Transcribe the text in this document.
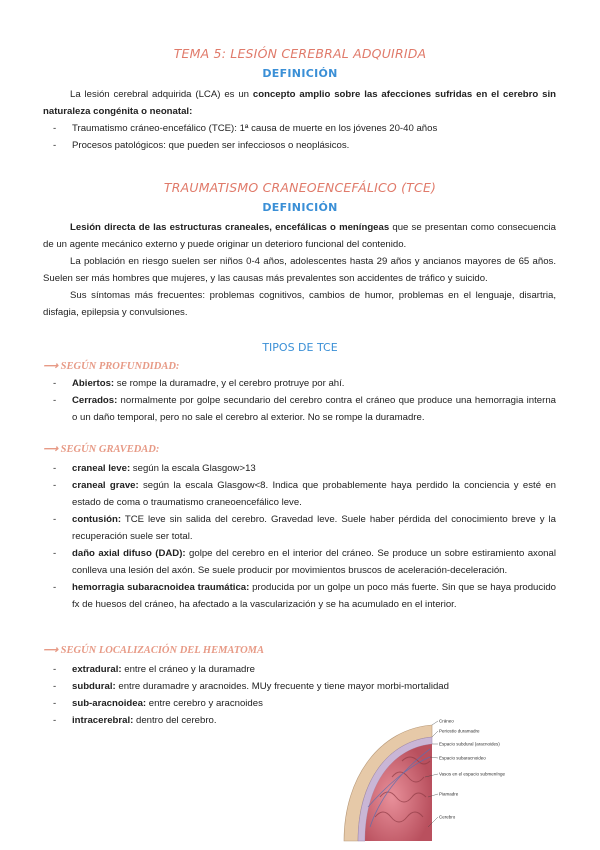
TEMA 5: LESIÓN CEREBRAL ADQUIRIDA
DEFINICIÓN

La lesión cerebral adquirida (LCA) es un concepto amplio sobre las afecciones sufridas en el cerebro sin naturaleza congénita o neonatal:

- Traumatismo cráneo-encefálico (TCE): 1ª causa de muerte en los jóvenes 20-40 años
- Procesos patológicos: que pueden ser infecciosos o neoplásicos.
TRAUMATISMO CRANEOENCEFÁLICO (TCE)
DEFINICIÓN

Lesión directa de las estructuras craneales, encefálicas o meníngeas que se presentan como consecuencia de un agente mecánico externo y puede originar un deterioro funcional del contenido.

La población en riesgo suelen ser niños 0-4 años, adolescentes hasta 29 años y ancianos mayores de 65 años. Suelen ser más hombres que mujeres, y las causas más prevalentes son accidentes de tráfico y suicido.

Sus síntomas más frecuentes: problemas cognitivos, cambios de humor, problemas en el lenguaje, disartria, disfagia, epilepsia y convulsiones.

TIPOS DE TCE
⟶ SEGÚN PROFUNDIDAD:
- Abiertos: se rompe la duramadre, y el cerebro protruye por ahí.
- Cerrados: normalmente por golpe secundario del cerebro contra el cráneo que produce una hemorragia interna o un daño temporal, pero no sale el cerebro al exterior. No se rompe la duramadre.
⟶ SEGÚN GRAVEDAD:
- craneal leve: según la escala Glasgow>13
- craneal grave: según la escala Glasgow<8. Indica que probablemente haya perdido la conciencia y esté en estado de coma o traumatismo craneoencefálico leve.
- contusión: TCE leve sin salida del cerebro. Gravedad leve. Suele haber pérdida del conocimiento breve y la recuperación suele ser total.
- daño axial difuso (DAD): golpe del cerebro en el interior del cráneo. Se produce un sobre estiramiento axonal conlleva una lesión del axón. Se suele producir por movimientos bruscos de aceleración-deceleración.
- hemorragia subaracnoidea traumática: producida por un golpe un poco más fuerte. Sin que se haya producido fx de huesos del cráneo, ha afectado a la vascularización y se ha acumulado en el interior.
⟶ SEGÚN LOCALIZACIÓN DEL HEMATOMA
- extradural: entre el cráneo y la duramadre
- subdural: entre duramadre y aracnoides. MUy frecuente y tiene mayor morbi-mortalidad
- sub-aracnoidea: entre cerebro y aracnoides
- intracerebral: dentro del cerebro.	Cráneo
Periostio duramadre
Espacio subdural (aracnoides)
Espacio subaracnoideo
Vasos en el espacio submeníngeo
Piamadre
Cerebro
